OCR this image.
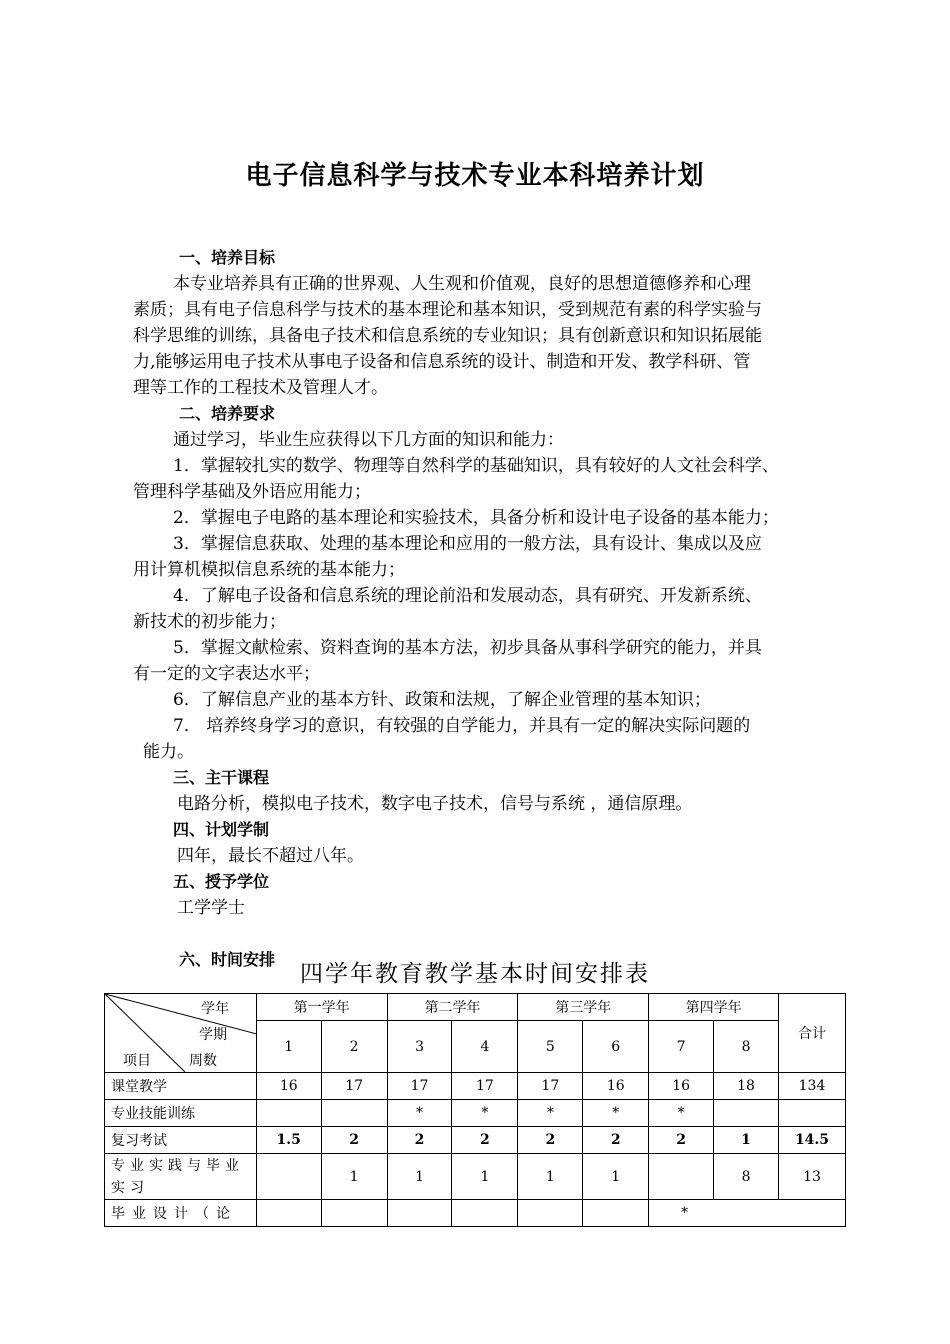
电子信息科学与技术专业本科培养计划
一、培养目标
本专业培养具有正确的世界观、人生观和价值观，良好的思想道德修养和心理
素质；具有电子信息科学与技术的基本理论和基本知识，受到规范有素的科学实验与
科学思维的训练，具备电子技术和信息系统的专业知识；具有创新意识和知识拓展能
力,能够运用电子技术从事电子设备和信息系统的设计、制造和开发、教学科研、管
理等工作的工程技术及管理人才。
二、培养要求
通过学习，毕业生应获得以下几方面的知识和能力：
1．掌握较扎实的数学、物理等自然科学的基础知识，具有较好的人文社会科学、
管理科学基础及外语应用能力；
2．掌握电子电路的基本理论和实验技术，具备分析和设计电子设备的基本能力；
3．掌握信息获取、处理的基本理论和应用的一般方法，具有设计、集成以及应
用计算机模拟信息系统的基本能力；
4．了解电子设备和信息系统的理论前沿和发展动态，具有研究、开发新系统、
新技术的初步能力；
5．掌握文献检索、资料查询的基本方法，初步具备从事科学研究的能力，并具
有一定的文字表达水平；
6．了解信息产业的基本方针、政策和法规，了解企业管理的基本知识；
7． 培养终身学习的意识，有较强的自学能力，并具有一定的解决实际问题的
能力。
三、主干课程
电路分析，模拟电子技术，数字电子技术，信号与系统 ，通信原理。
四、计划学制
四年，最长不超过八年。
五、授予学位
工学学士
六、时间安排
四学年教育教学基本时间安排表
学年
学期
项目 周数	第一学年		第二学年		第三学年		第四学年		合计
	1	2	3	4	5	6	7	8	
课堂教学	16	17	17	17	17	16	16	18	134
专业技能训练			*	*	*	*	*		
复习考试	1.5	2	2	2	2	2	2	1	14.5
专业实践与毕业实习		1	1	1	1	1		8	13
毕业设计（论							*		
